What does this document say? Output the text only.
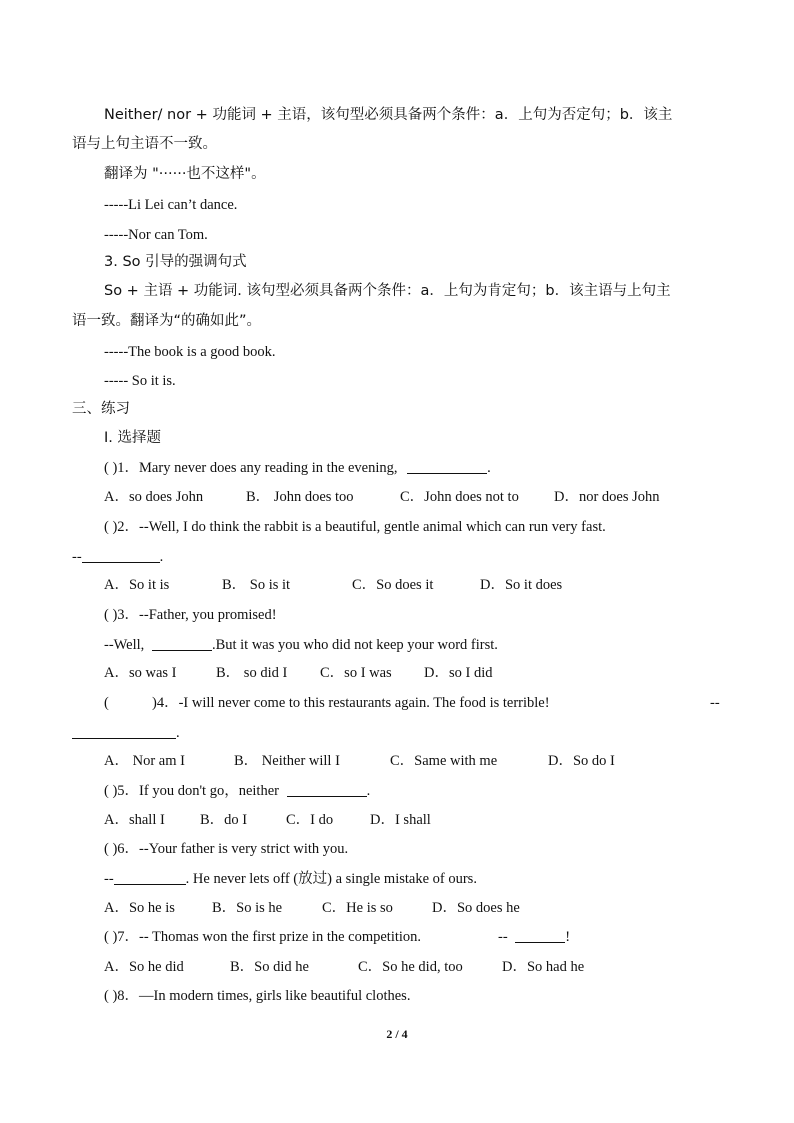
Neither/ nor + 功能词 + 主语，该句型必须具备两个条件：a．上句为否定句；b．该主
语与上句主语不一致。
翻译为 "······也不这样"。
-----Li Lei can’t dance.
-----Nor can Tom.
3. So 引导的强调句式
So + 主语 + 功能词. 该句型必须具备两个条件：a．上句为肯定句；b．该主语与上句主
语一致。翻译为“的确如此”。
-----The book is a good book.
----- So it is.
三、练习
I. 选择题
( )1．Mary never does any reading in the evening,	.
A．so does John	B． John does too	C．John does not to D．nor does John
( )2．--Well, I do think the rabbit is a beautiful, gentle animal which can run very fast.
--	.
A．So it is	B． So is it	C．So does it	D．So it does
( )3．--Father, you promised!
--Well,	.But it was you who did not keep your word first.
A．so was I	B． so did I C．so I was D．so I did
(	)4．-I will never come to this restaurants again. The food is terrible!	--
.
A． Nor am I	B． Neither will I	C．Same with me	D．So do I
( )5．If you don't go，neither	.
A．shall I B．do I	C．I do	D．I shall
( )6．--Your father is very strict with you.
--	. He never lets off (放过) a single mistake of ours.
A．So he is	B．So is he	C．He is so	D．So does he
( )7．-- Thomas won the first prize in the competition.	--	!
A．So he did	B．So did he	C．So he did, too	D．So had he
( )8．—In modern times, girls like beautiful clothes.
2 / 4
